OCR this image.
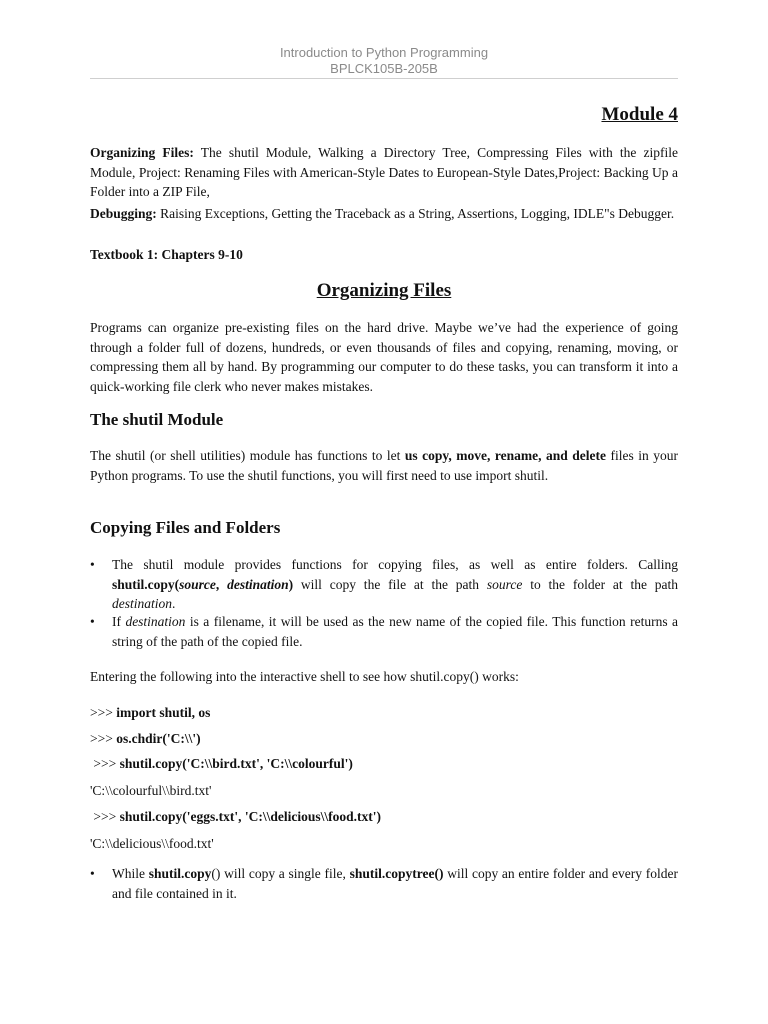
Introduction to Python Programming
BPLCK105B-205B
Module 4
Organizing Files: The shutil Module, Walking a Directory Tree, Compressing Files with the zipfile Module, Project: Renaming Files with American-Style Dates to European-Style Dates,Project: Backing Up a Folder into a ZIP File,
Debugging: Raising Exceptions, Getting the Traceback as a String, Assertions, Logging, IDLE"s Debugger.
Textbook 1: Chapters 9-10
Organizing Files
Programs can organize pre-existing files on the hard drive. Maybe we’ve had the experience of going through a folder full of dozens, hundreds, or even thousands of files and copying, renaming, moving, or compressing them all by hand. By programming our computer to do these tasks, you can transform it into a quick-working file clerk who never makes mistakes.
The shutil Module
The shutil (or shell utilities) module has functions to let us copy, move, rename, and delete files in your Python programs. To use the shutil functions, you will first need to use import shutil.
Copying Files and Folders
•	The shutil module provides functions for copying files, as well as entire folders. Calling shutil.copy(source, destination) will copy the file at the path source to the folder at the path destination.
•	If destination is a filename, it will be used as the new name of the copied file. This function returns a string of the path of the copied file.
Entering the following into the interactive shell to see how shutil.copy() works:
>>> import shutil, os
>>> os.chdir('C:\\')
>>> shutil.copy('C:\\bird.txt', 'C:\\colourful')
'C:\\colourful\\bird.txt'
>>> shutil.copy('eggs.txt', 'C:\\delicious\\food.txt')
'C:\\delicious\\food.txt'
•	While shutil.copy() will copy a single file, shutil.copytree() will copy an entire folder and every folder and file contained in it.
